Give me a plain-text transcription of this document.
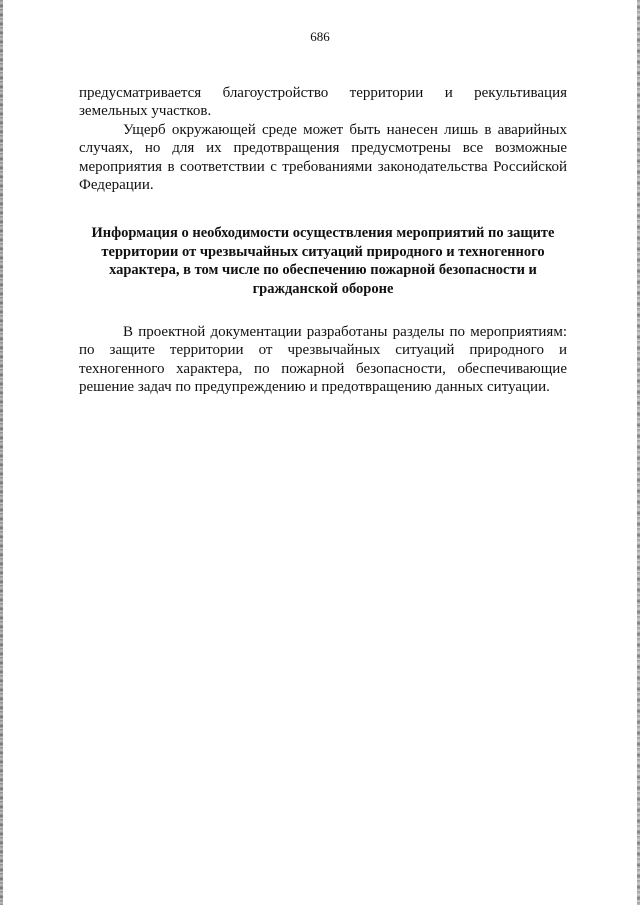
686

предусматривается благоустройство территории и рекультивация земельных участков.

Ущерб окружающей среде может быть нанесен лишь в аварийных случаях, но для их предотвращения предусмотрены все возможные мероприятия в соответствии с требованиями законодательства Российской Федерации.

Информация о необходимости осуществления мероприятий по защите территории от чрезвычайных ситуаций природного и техногенного характера, в том числе по обеспечению пожарной безопасности и гражданской обороне

В проектной документации разработаны разделы по мероприятиям: по защите территории от чрезвычайных ситуаций природного и техногенного характера, по пожарной безопасности, обеспечивающие решение задач по предупреждению и предотвращению данных ситуации.
